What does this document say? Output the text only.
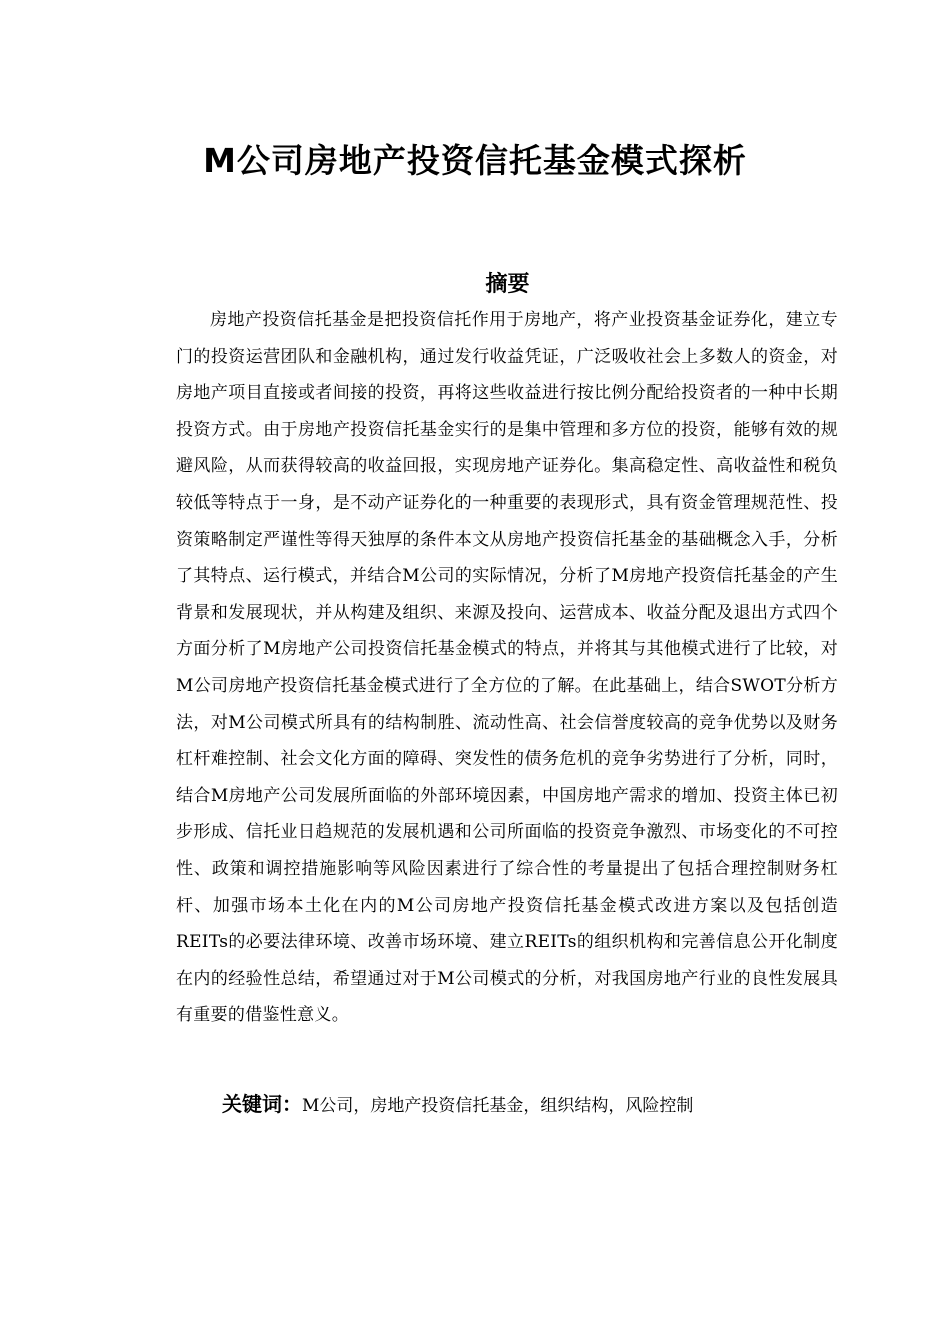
M公司房地产投资信托基金模式探析
摘要

房地产投资信托基金是把投资信托作用于房地产，将产业投资基金证券化，建立专门的投资运营团队和金融机构，通过发行收益凭证，广泛吸收社会上多数人的资金，对房地产项目直接或者间接的投资，再将这些收益进行按比例分配给投资者的一种中长期投资方式。由于房地产投资信托基金实行的是集中管理和多方位的投资，能够有效的规避风险，从而获得较高的收益回报，实现房地产证券化。集高稳定性、高收益性和税负较低等特点于一身，是不动产证券化的一种重要的表现形式，具有资金管理规范性、投资策略制定严谨性等得天独厚的条件本文从房地产投资信托基金的基础概念入手，分析了其特点、运行模式，并结合M公司的实际情况，分析了M房地产投资信托基金的产生背景和发展现状，并从构建及组织、来源及投向、运营成本、收益分配及退出方式四个方面分析了M房地产公司投资信托基金模式的特点，并将其与其他模式进行了比较，对M公司房地产投资信托基金模式进行了全方位的了解。在此基础上，结合SWOT分析方法，对M公司模式所具有的结构制胜、流动性高、社会信誉度较高的竞争优势以及财务杠杆难控制、社会文化方面的障碍、突发性的债务危机的竞争劣势进行了分析，同时，结合M房地产公司发展所面临的外部环境因素，中国房地产需求的增加、投资主体已初步形成、信托业日趋规范的发展机遇和公司所面临的投资竞争激烈、市场变化的不可控性、政策和调控措施影响等风险因素进行了综合性的考量提出了包括合理控制财务杠杆、加强市场本土化在内的M公司房地产投资信托基金模式改进方案以及包括创造REITs的必要法律环境、改善市场环境、建立REITs的组织机构和完善信息公开化制度在内的经验性总结，希望通过对于M公司模式的分析，对我国房地产行业的良性发展具有重要的借鉴性意义。

关键词：M公司，房地产投资信托基金，组织结构，风险控制
